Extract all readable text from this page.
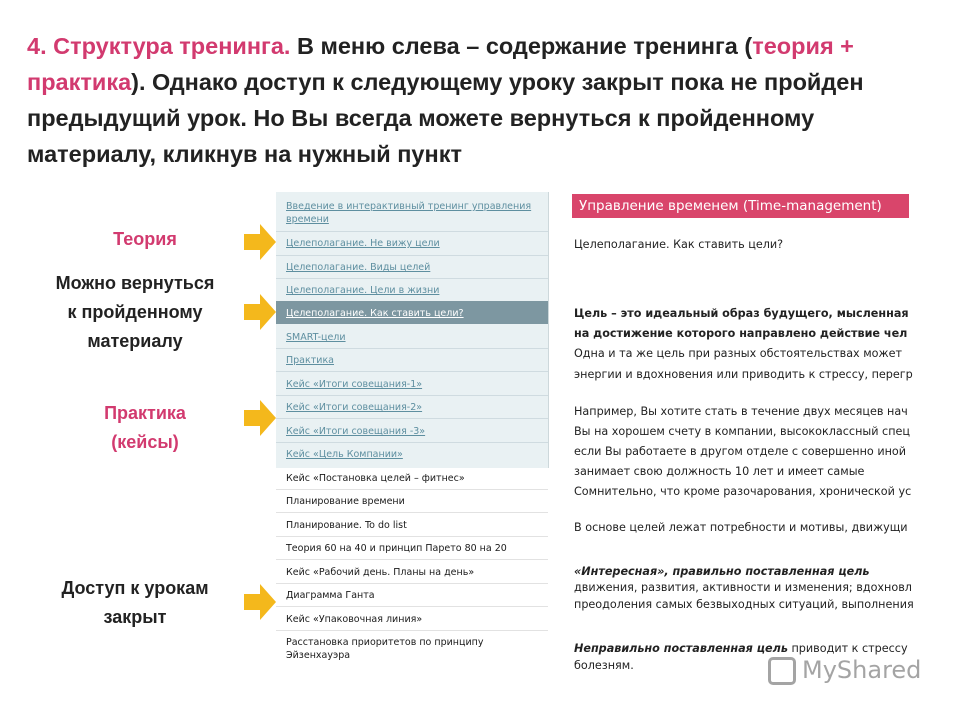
4. Структура тренинга. В меню слева – содержание тренинга (теория + практика). Однако доступ к следующему уроку закрыт пока не пройден предыдущий урок. Но Вы всегда можете вернуться к пройденному материалу, кликнув на нужный пункт
Теория
Можно вернуться
к пройденному
материалу
Практика
(кейсы)
Доступ к урокам
закрыт
Введение в интерактивный тренинг управления
времени
Целеполагание. Не вижу цели
Целеполагание. Виды целей
Целеполагание. Цели в жизни
Целеполагание. Как ставить цели?
SMART-цели
Практика
Кейс «Итоги совещания-1»
Кейс «Итоги совещания-2»
Кейс «Итоги совещания -3»
Кейс «Цель Компании»
Кейс «Постановка целей – фитнес»
Планирование времени
Планирование. To do list
Теория 60 на 40 и принцип Парето 80 на 20
Кейс «Рабочий день. Планы на день»
Диаграмма Ганта
Кейс «Упаковочная линия»
Расстановка приоритетов по принципу
Эйзенхауэра
Управление временем (Time-management)
Целеполагание. Как ставить цели?
Цель – это идеальный образ будущего, мысленная
на достижение которого направлено действие чел
Одна и та же цель при разных обстоятельствах может
энергии и вдохновения или приводить к стрессу, перегр
Например, Вы хотите стать в течение двух месяцев нач
Вы на хорошем счету в компании, высококлассный спец
если Вы работаете в другом отделе с совершенно иной
занимает свою должность 10 лет и имеет самые
Сомнительно, что кроме разочарования, хронической ус
В основе целей лежат потребности и мотивы, движущи
«Интересная», правильно поставленная цель
движения, развития, активности и изменения; вдохновл
преодоления самых безвыходных ситуаций, выполнения
Неправильно поставленная цель приводит к стрессу
болезням.	MyShared
